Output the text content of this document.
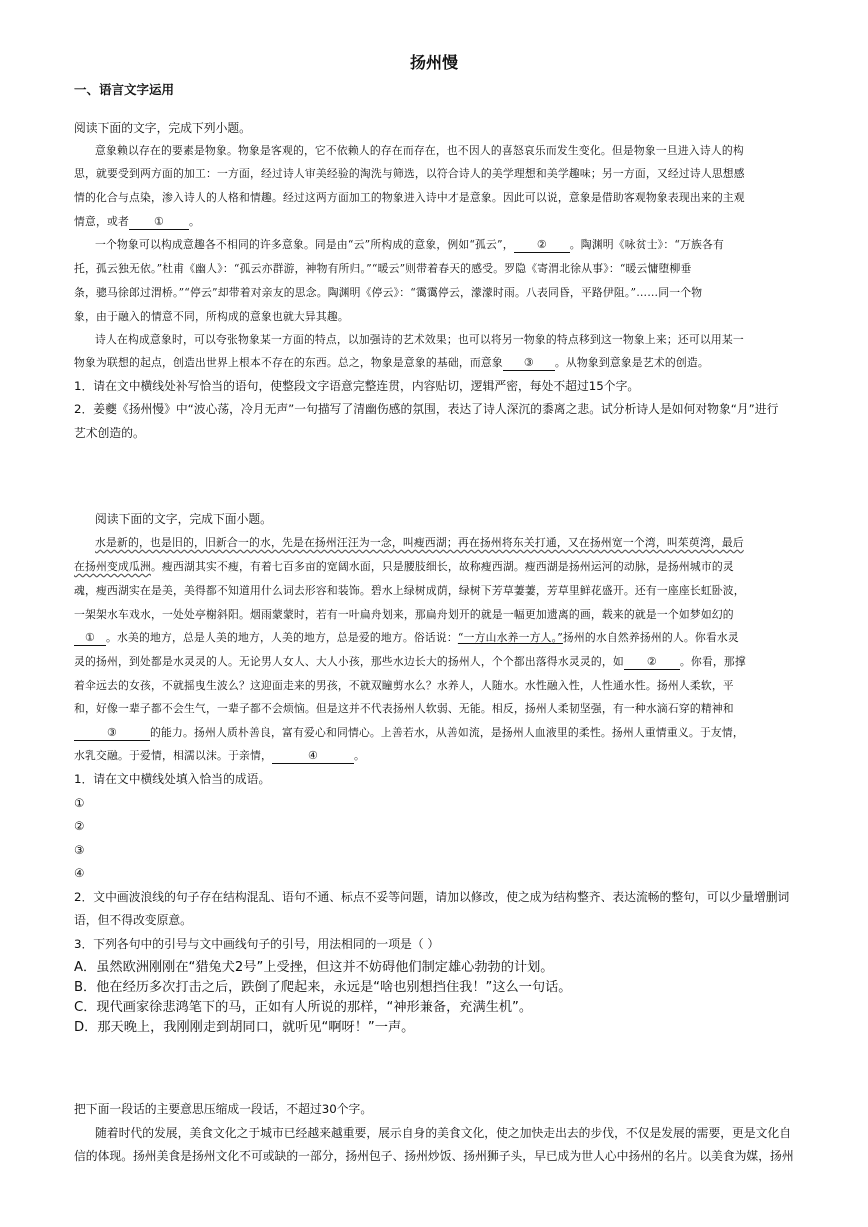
扬州慢
一、语言文字运用
阅读下面的文字，完成下列小题。
意象赖以存在的要素是物象。物象是客观的，它不依赖人的存在而存在，也不因人的喜怒哀乐而发生变化。但是物象一旦进入诗人的构
思，就要受到两方面的加工：一方面，经过诗人审美经验的淘洗与筛选，以符合诗人的美学理想和美学趣味；另一方面，又经过诗人思想感
情的化合与点染，渗入诗人的人格和情趣。经过这两方面加工的物象进入诗中才是意象。因此可以说，意象是借助客观物象表现出来的主观
情意，或者 ① 。
一个物象可以构成意趣各不相同的许多意象。同是由“云”所构成的意象，例如“孤云”， ② 。陶渊明《咏贫士》：“万族各有
托，孤云独无依。”杜甫《幽人》：“孤云亦群游，神物有所归。”“暖云”则带着春天的感受。罗隐《寄渭北徐从事》：“暖云慵堕柳垂
条，骢马徐郎过渭桥。”“停云”却带着对亲友的思念。陶渊明《停云》：“霭霭停云，濛濛时雨。八表同昏，平路伊阻。”……同一个物
象，由于融入的情意不同，所构成的意象也就大异其趣。
诗人在构成意象时，可以夸张物象某一方面的特点，以加强诗的艺术效果；也可以将另一物象的特点移到这一物象上来；还可以用某一
物象为联想的起点，创造出世界上根本不存在的东西。总之，物象是意象的基础，而意象 ③ 。从物象到意象是艺术的创造。
1．请在文中横线处补写恰当的语句，使整段文字语意完整连贯，内容贴切，逻辑严密，每处不超过15个字。
2．姜夔《扬州慢》中“波心荡，冷月无声”一句描写了清幽伤感的氛围，表达了诗人深沉的黍离之悲。试分析诗人是如何对物象“月”进行
艺术创造的。
阅读下面的文字，完成下面小题。
水是新的，也是旧的，旧新合一的水，先是在扬州汪汪为一念，叫瘦西湖；再在扬州将东关打通，又在扬州宽一个湾，叫茱萸湾，最后
在扬州变成瓜洲。瘦西湖其实不瘦，有着七百多亩的宽阔水面，只是腰肢细长，故称瘦西湖。瘦西湖是扬州运河的动脉，是扬州城市的灵
魂，瘦西湖实在是美，美得都不知道用什么词去形容和装饰。碧水上绿树成荫，绿树下芳草萋萋，芳草里鲜花盛开。还有一座座长虹卧波，
一架架水车戏水，一处处亭榭斜阳。烟雨蒙蒙时，若有一叶扁舟划来，那扁舟划开的就是一幅更加遗离的画，载来的就是一个如梦如幻的
① 。水美的地方，总是人美的地方，人美的地方，总是爱的地方。俗话说：“一方山水养一方人。”扬州的水自然养扬州的人。你看水灵
灵的扬州，到处都是水灵灵的人。无论男人女人、大人小孩，那些水边长大的扬州人，个个都出落得水灵灵的，如 ② 。你看，那撑
着伞远去的女孩，不就摇曳生波么？这迎面走来的男孩，不就双瞳剪水么？水养人，人随水。水性融入性，人性通水性。扬州人柔软，平
和，好像一辈子都不会生气，一辈子都不会烦恼。但是这并不代表扬州人软弱、无能。相反，扬州人柔韧坚强，有一种水滴石穿的精神和
③	的能力。扬州人质朴善良，富有爱心和同情心。上善若水，从善如流，是扬州人血液里的柔性。扬州人重情重义。于友情，
水乳交融。于爱情，相濡以沫。于亲情，	④	。
1．请在文中横线处填入恰当的成语。
①
②
③
④
2．文中画波浪线的句子存在结构混乱、语句不通、标点不妥等问题，请加以修改，使之成为结构整齐、表达流畅的整句，可以少量增删词
语，但不得改变原意。
3．下列各句中的引号与文中画线句子的引号，用法相同的一项是（ ）
A．虽然欧洲刚刚在“猎兔犬2号”上受挫，但这并不妨碍他们制定雄心勃勃的计划。
B．他在经历多次打击之后，跌倒了爬起来，永远是“啥也别想挡住我！”这么一句话。
C．现代画家徐悲鸿笔下的马，正如有人所说的那样，“神形兼备，充满生机”。
D．那天晚上，我刚刚走到胡同口，就听见“啊呀！”一声。
把下面一段话的主要意思压缩成一段话，不超过30个字。
随着时代的发展，美食文化之于城市已经越来越重要，展示自身的美食文化，使之加快走出去的步伐，不仅是发展的需要，更是文化自
信的体现。扬州美食是扬州文化不可或缺的一部分，扬州包子、扬州炒饭、扬州狮子头，早已成为世人心中扬州的名片。以美食为媒，扬州
